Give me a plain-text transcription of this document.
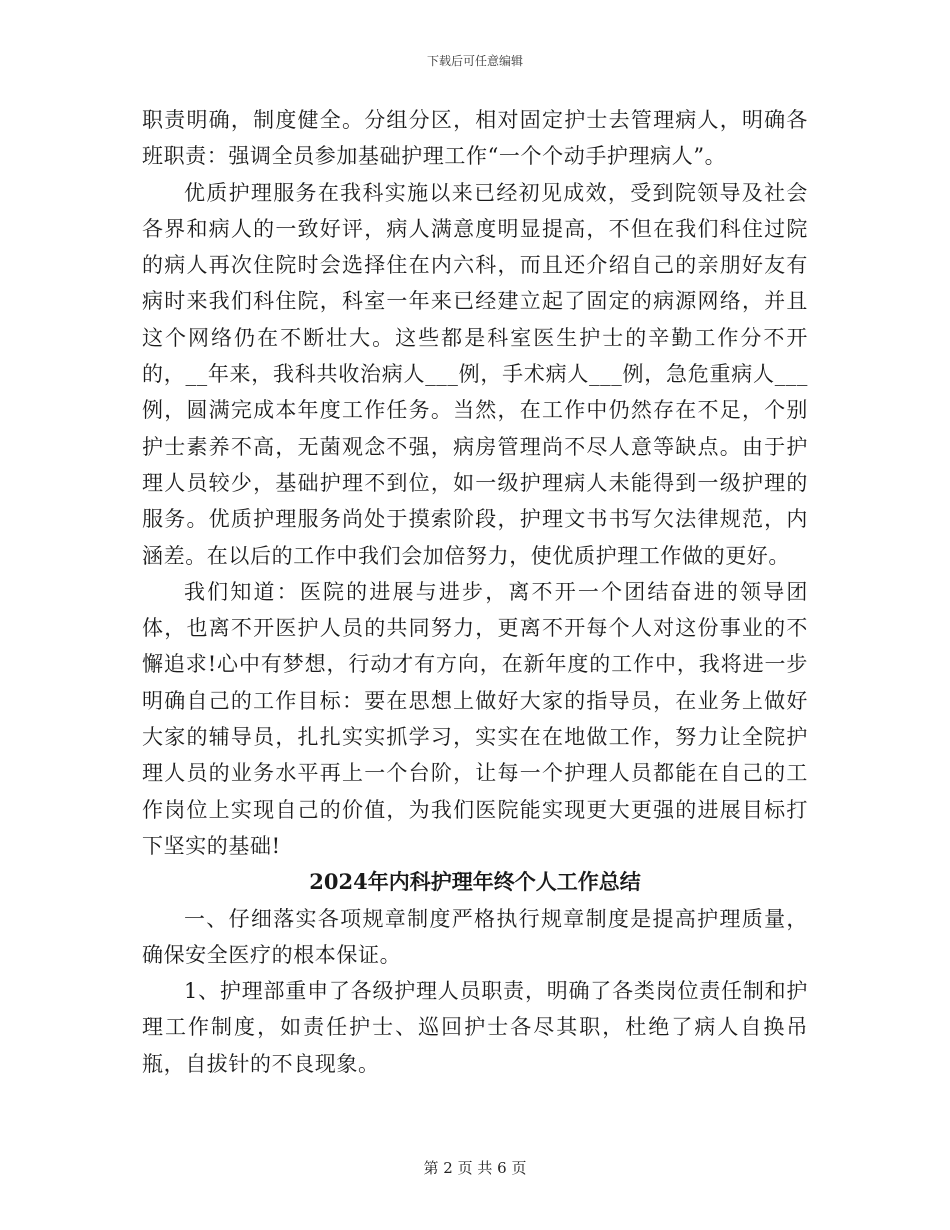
下载后可任意编辑

职责明确，制度健全。分组分区，相对固定护士去管理病人，明确各班职责：强调全员参加基础护理工作“一个个动手护理病人”。

优质护理服务在我科实施以来已经初见成效，受到院领导及社会各界和病人的一致好评，病人满意度明显提高，不但在我们科住过院的病人再次住院时会选择住在内六科，而且还介绍自己的亲朋好友有病时来我们科住院，科室一年来已经建立起了固定的病源网络，并且这个网络仍在不断壮大。这些都是科室医生护士的辛勤工作分不开的，__年来，我科共收治病人___例，手术病人___例，急危重病人___例，圆满完成本年度工作任务。当然，在工作中仍然存在不足，个别护士素养不高，无菌观念不强，病房管理尚不尽人意等缺点。由于护理人员较少，基础护理不到位，如一级护理病人未能得到一级护理的服务。优质护理服务尚处于摸索阶段，护理文书书写欠法律规范，内涵差。在以后的工作中我们会加倍努力，使优质护理工作做的更好。

我们知道：医院的进展与进步，离不开一个团结奋进的领导团体，也离不开医护人员的共同努力，更离不开每个人对这份事业的不懈追求!心中有梦想，行动才有方向，在新年度的工作中，我将进一步明确自己的工作目标：要在思想上做好大家的指导员，在业务上做好大家的辅导员，扎扎实实抓学习，实实在在地做工作，努力让全院护理人员的业务水平再上一个台阶，让每一个护理人员都能在自己的工作岗位上实现自己的价值，为我们医院能实现更大更强的进展目标打下坚实的基础!

2024年内科护理年终个人工作总结

一、仔细落实各项规章制度严格执行规章制度是提高护理质量，确保安全医疗的根本保证。

1、护理部重申了各级护理人员职责，明确了各类岗位责任制和护理工作制度，如责任护士、巡回护士各尽其职，杜绝了病人自换吊瓶，自拔针的不良现象。

第 2 页 共 6 页
